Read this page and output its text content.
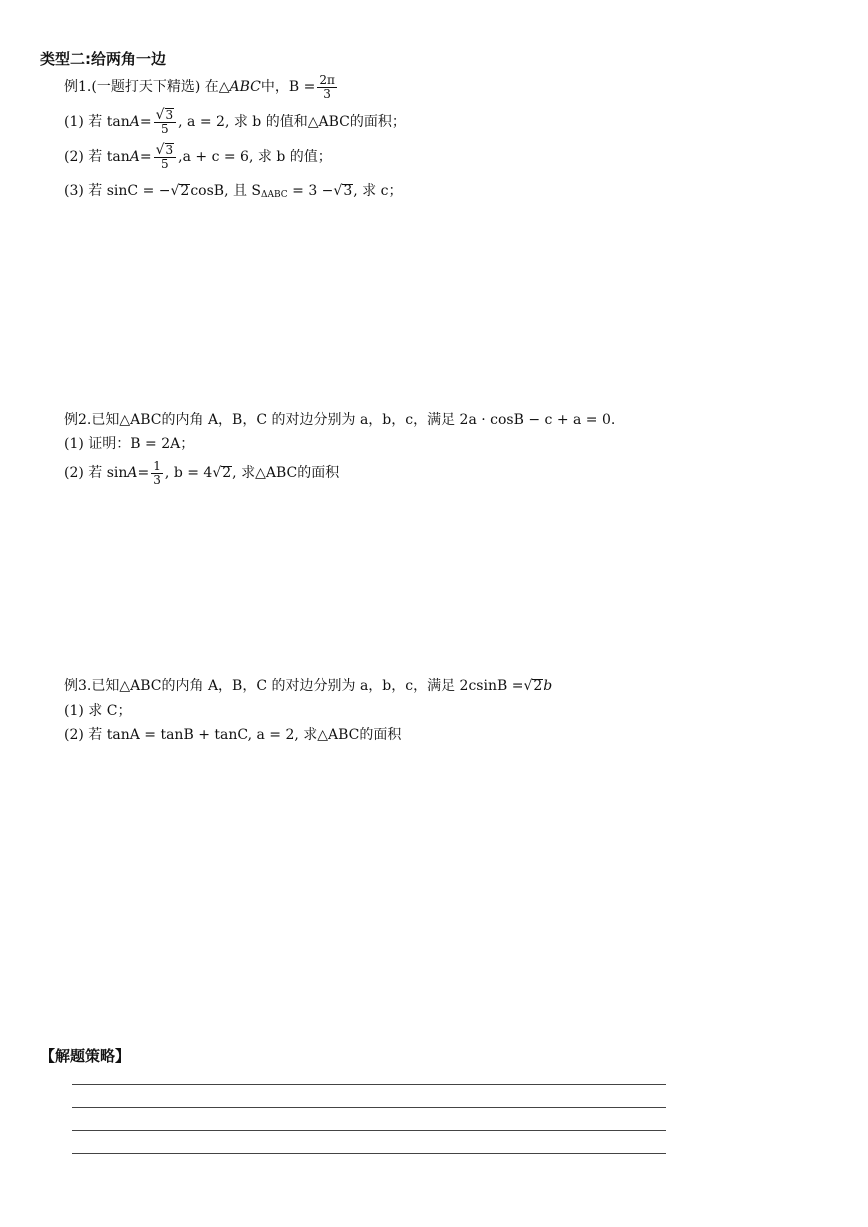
类型二:给两角一边
例1.(一题打天下精选) 在△ ABC 中，$B = \frac{2\pi}{3}$
(1) 若 $\tan A = \frac{√ 3}{5}$ , a = 2, 求 b 的值和△ABC的面积；
(2) 若 $\tan A = \frac{√ 3}{5} ,a + c = 6$, 求 b 的值；
(3) 若 sinC = − √ 2 cosB, 且 S ΔABC = 3 − √ 3 , 求 c；
例2.已知△ABC的内角 A，B，C 的对边分别为 a，b，c，满足 2a · cosB − c + a = 0.
(1) 证明：B = 2A；
(2) 若 $\sin A = \frac{1}{3}$ , b = 4 √ 2 , 求△ABC的面积
例3.已知△ABC的内角 A，B，C 的对边分别为 a，b，c，满足 2csinB = √ 2 b
(1) 求 C；
(2) 若 tanA = tanB + tanC, a = 2, 求△ABC的面积
【解题策略】
